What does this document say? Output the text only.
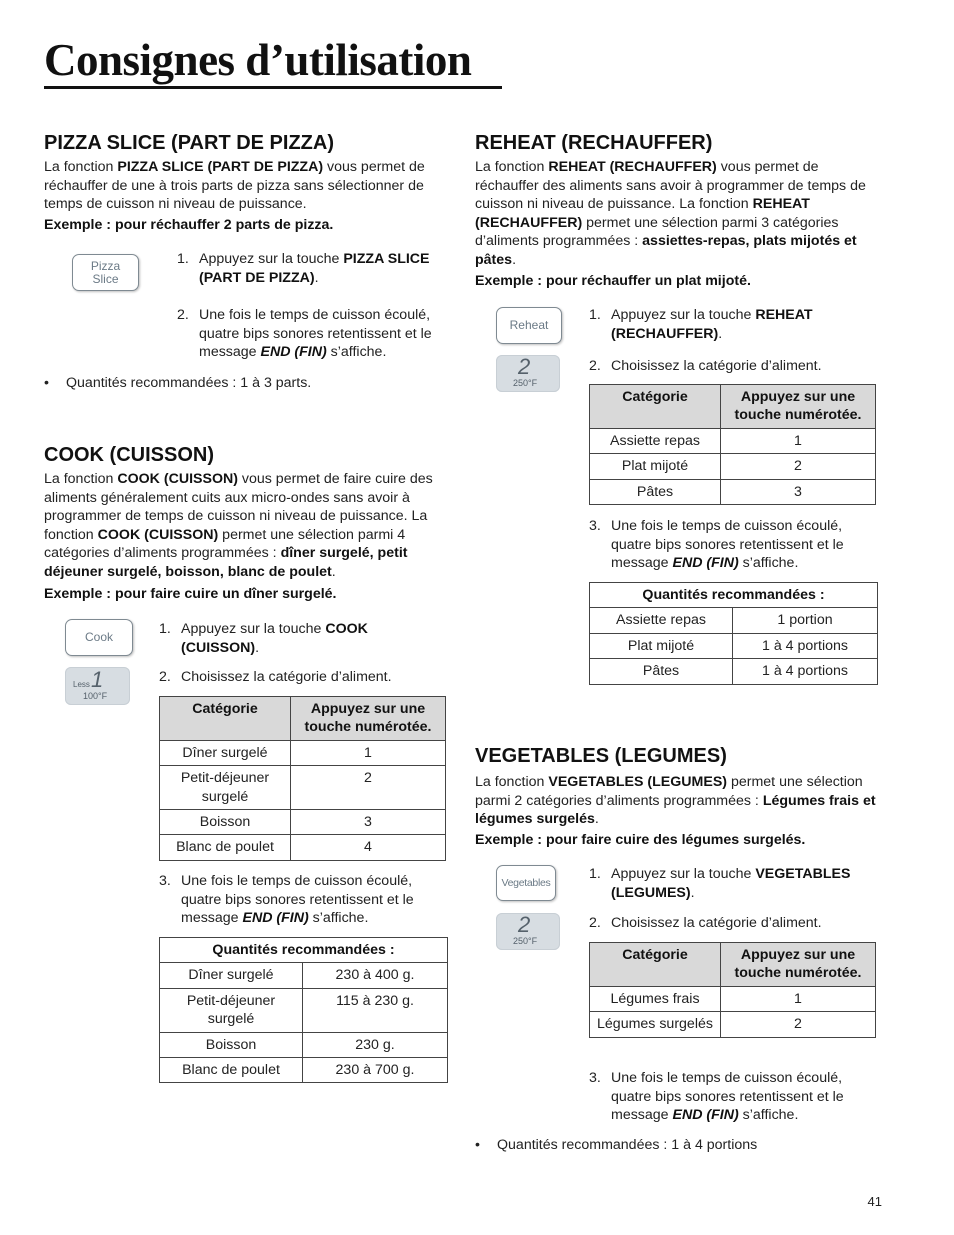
Consignes d’utilisation
PIZZA SLICE (PART DE PIZZA)

La fonction PIZZA SLICE (PART DE PIZZA) vous permet de réchauffer de une à trois parts de pizza sans sélectionner de temps de cuisson ni niveau de puissance.

Exemple : pour réchauffer 2 parts de pizza.

Pizza
Slice
1. Appuyez sur la touche PIZZA SLICE (PART DE PIZZA).
2. Une fois le temps de cuisson écoulé, quatre bips sonores retentissent et le message END (FIN) s’affiche.
•	Quantités recommandées : 1 à 3 parts.
COOK (CUISSON)

La fonction COOK (CUISSON) vous permet de faire cuire des aliments généralement cuits aux micro-ondes sans avoir à programmer de temps de cuisson ni niveau de puissance. La fonction COOK (CUISSON) permet une sélection parmi 4 catégories d’aliments programmées : dîner surgelé, petit déjeuner surgelé, boisson, blanc de poulet.

Exemple : pour faire cuire un dîner surgelé.

Cook
Less 1
100°F
1. Appuyez sur la touche COOK (CUISSON).
2. Choisissez la catégorie d’aliment.
Catégorie	Appuyez sur une touche numérotée.
Dîner surgelé	1
Petit-déjeuner surgelé	2
Boisson	3
Blanc de poulet	4
3. Une fois le temps de cuisson écoulé, quatre bips sonores retentissent et le message END (FIN) s’affiche.
Quantités recommandées :	
Dîner surgelé	230 à 400 g.
Petit-déjeuner surgelé	115 à 230 g.
Boisson	230 g.
Blanc de poulet	230 à 700 g.
REHEAT (RECHAUFFER)

La fonction REHEAT (RECHAUFFER) vous permet de réchauffer des aliments sans avoir à programmer de temps de cuisson ni niveau de puissance. La fonction REHEAT (RECHAUFFER) permet une sélection parmi 3 catégories d’aliments programmées : assiettes-repas, plats mijotés et pâtes.

Exemple : pour réchauffer un plat mijoté.

Reheat
2
250°F
1. Appuyez sur la touche REHEAT (RECHAUFFER).
2. Choisissez la catégorie d’aliment.
Catégorie	Appuyez sur une touche numérotée.
Assiette repas	1
Plat mijoté	2
Pâtes	3
3. Une fois le temps de cuisson écoulé, quatre bips sonores retentissent et le message END (FIN) s’affiche.
Quantités recommandées :	
Assiette repas	1 portion
Plat mijoté	1 à 4 portions
Pâtes	1 à 4 portions
VEGETABLES (LEGUMES)

La fonction VEGETABLES (LEGUMES) permet une sélection parmi 2 catégories d’aliments programmées : Légumes frais et légumes surgelés.

Exemple : pour faire cuire des légumes surgelés.

Vegetables
2
250°F
1. Appuyez sur la touche VEGETABLES (LEGUMES).
2. Choisissez la catégorie d’aliment.
Catégorie	Appuyez sur une touche numérotée.
Légumes frais	1
Légumes surgelés	2
3. Une fois le temps de cuisson écoulé, quatre bips sonores retentissent et le message END (FIN) s’affiche.
•	Quantités recommandées : 1 à 4 portions
41
